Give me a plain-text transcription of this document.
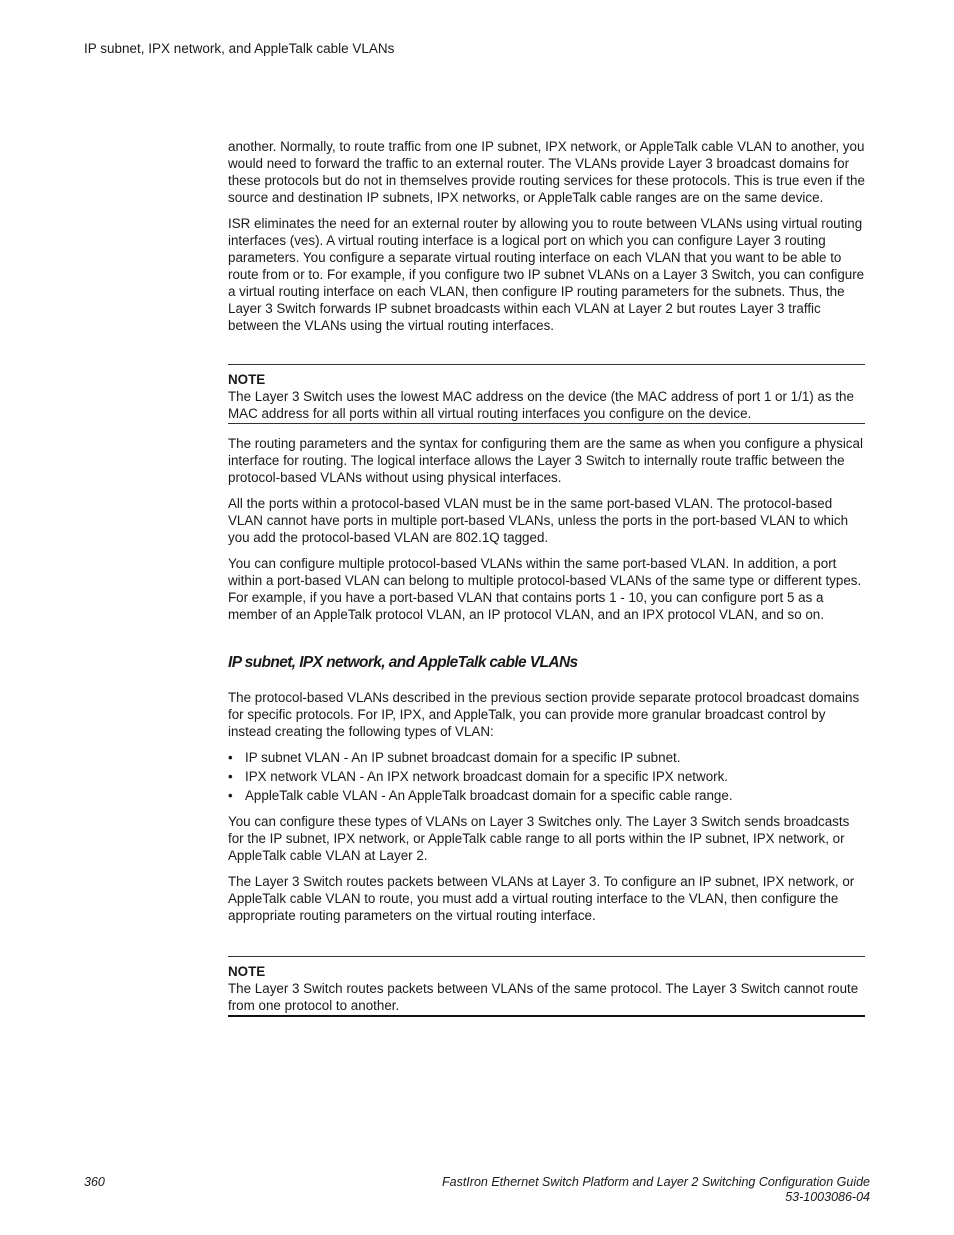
IP subnet, IPX network, and AppleTalk cable VLANs

another. Normally, to route traffic from one IP subnet, IPX network, or AppleTalk cable VLAN to another, you would need to forward the traffic to an external router. The VLANs provide Layer 3 broadcast domains for these protocols but do not in themselves provide routing services for these protocols. This is true even if the source and destination IP subnets, IPX networks, or AppleTalk cable ranges are on the same device.

ISR eliminates the need for an external router by allowing you to route between VLANs using virtual routing interfaces (ves). A virtual routing interface is a logical port on which you can configure Layer 3 routing parameters. You configure a separate virtual routing interface on each VLAN that you want to be able to route from or to. For example, if you configure two IP subnet VLANs on a Layer 3 Switch, you can configure a virtual routing interface on each VLAN, then configure IP routing parameters for the subnets. Thus, the Layer 3 Switch forwards IP subnet broadcasts within each VLAN at Layer 2 but routes Layer 3 traffic between the VLANs using the virtual routing interfaces.

NOTE
The Layer 3 Switch uses the lowest MAC address on the device (the MAC address of port 1 or 1/1) as the MAC address for all ports within all virtual routing interfaces you configure on the device.

The routing parameters and the syntax for configuring them are the same as when you configure a physical interface for routing. The logical interface allows the Layer 3 Switch to internally route traffic between the protocol-based VLANs without using physical interfaces.

All the ports within a protocol-based VLAN must be in the same port-based VLAN. The protocol-based VLAN cannot have ports in multiple port-based VLANs, unless the ports in the port-based VLAN to which you add the protocol-based VLAN are 802.1Q tagged.

You can configure multiple protocol-based VLANs within the same port-based VLAN. In addition, a port within a port-based VLAN can belong to multiple protocol-based VLANs of the same type or different types. For example, if you have a port-based VLAN that contains ports 1 - 10, you can configure port 5 as a member of an AppleTalk protocol VLAN, an IP protocol VLAN, and an IPX protocol VLAN, and so on.

IP subnet, IPX network, and AppleTalk cable VLANs

The protocol-based VLANs described in the previous section provide separate protocol broadcast domains for specific protocols. For IP, IPX, and AppleTalk, you can provide more granular broadcast control by instead creating the following types of VLAN:

• IP subnet VLAN - An IP subnet broadcast domain for a specific IP subnet.
• IPX network VLAN - An IPX network broadcast domain for a specific IPX network.
• AppleTalk cable VLAN - An AppleTalk broadcast domain for a specific cable range.

You can configure these types of VLANs on Layer 3 Switches only. The Layer 3 Switch sends broadcasts for the IP subnet, IPX network, or AppleTalk cable range to all ports within the IP subnet, IPX network, or AppleTalk cable VLAN at Layer 2.

The Layer 3 Switch routes packets between VLANs at Layer 3. To configure an IP subnet, IPX network, or AppleTalk cable VLAN to route, you must add a virtual routing interface to the VLAN, then configure the appropriate routing parameters on the virtual routing interface.

NOTE
The Layer 3 Switch routes packets between VLANs of the same protocol. The Layer 3 Switch cannot route from one protocol to another.
360	FastIron Ethernet Switch Platform and Layer 2 Switching Configuration Guide
53-1003086-04
